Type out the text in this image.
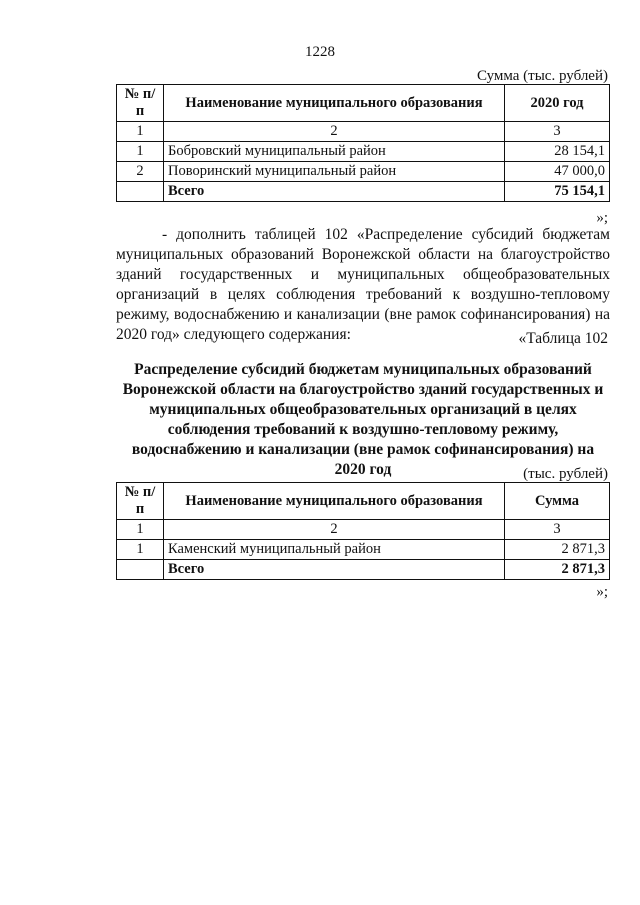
1228
Сумма (тыс. рублей)
№ п/п	Наименование муниципального образования	2020 год
1	2	3
1	Бобровский муниципальный район	28 154,1
2	Поворинский муниципальный район	47 000,0
	Всего	75 154,1
»;

- дополнить таблицей 102 «Распределение субсидий бюджетам муниципальных образований Воронежской области на благоустройство зданий государственных и муниципальных общеобразовательных организаций в целях соблюдения требований к воздушно-тепловому режиму, водоснабжению и канализации (вне рамок софинансирования) на 2020 год» следующего содержания:	«Таблица 102

Распределение субсидий бюджетам муниципальных образований Воронежской области на благоустройство зданий государственных и муниципальных общеобразовательных организаций в целях соблюдения требований к воздушно-тепловому режиму, водоснабжению и канализации (вне рамок софинансирования) на 2020 год	(тыс. рублей)
№ п/п	Наименование муниципального образования	Сумма
1	2	3
1	Каменский муниципальный район	2 871,3
	Всего	2 871,3
»;
